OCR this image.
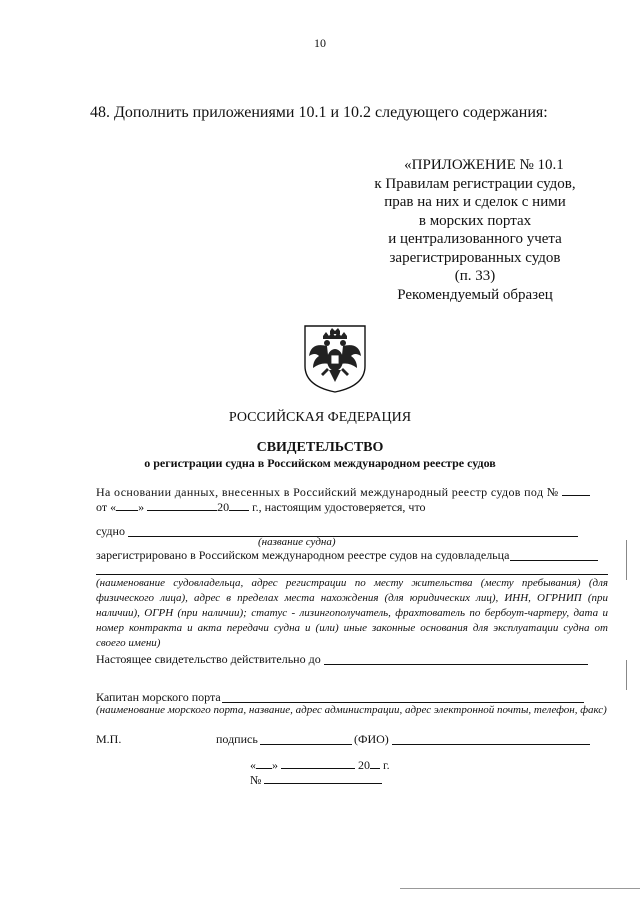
10
48. Дополнить приложениями 10.1 и 10.2 следующего содержания:
«ПРИЛОЖЕНИЕ № 10.1
к Правилам регистрации судов,
прав на них и сделок с ними
в морских портах
и централизованного учета
зарегистрированных судов
(п. 33)
Рекомендуемый образец
РОССИЙСКАЯ ФЕДЕРАЦИЯ
СВИДЕТЕЛЬСТВО
о регистрации судна в Российском международном реестре судов
На основании данных, внесенных в Российский международный реестр судов под №
от « »	20 г., настоящим удостоверяется, что
судно
(название судна)
зарегистрировано в Российском международном реестре судов на судовладельца
(наименование судовладельца, адрес регистрации по месту жительства (месту пребывания) (для физического лица), адрес в пределах места нахождения (для юридических лиц), ИНН, ОГРНИП (при наличии), ОГРН (при наличии); статус - лизингополучатель, фрахтователь по бербоут-чартеру, дата и номер контракта и акта передачи судна и (или) иные законные основания для эксплуатации судна от своего имени)
Настоящее свидетельство действительно до
Капитан морского порта
(наименование морского порта, название, адрес администрации, адрес электронной почты, телефон, факс)
М.П.	подпись	(ФИО)
« »	20 г.
№
